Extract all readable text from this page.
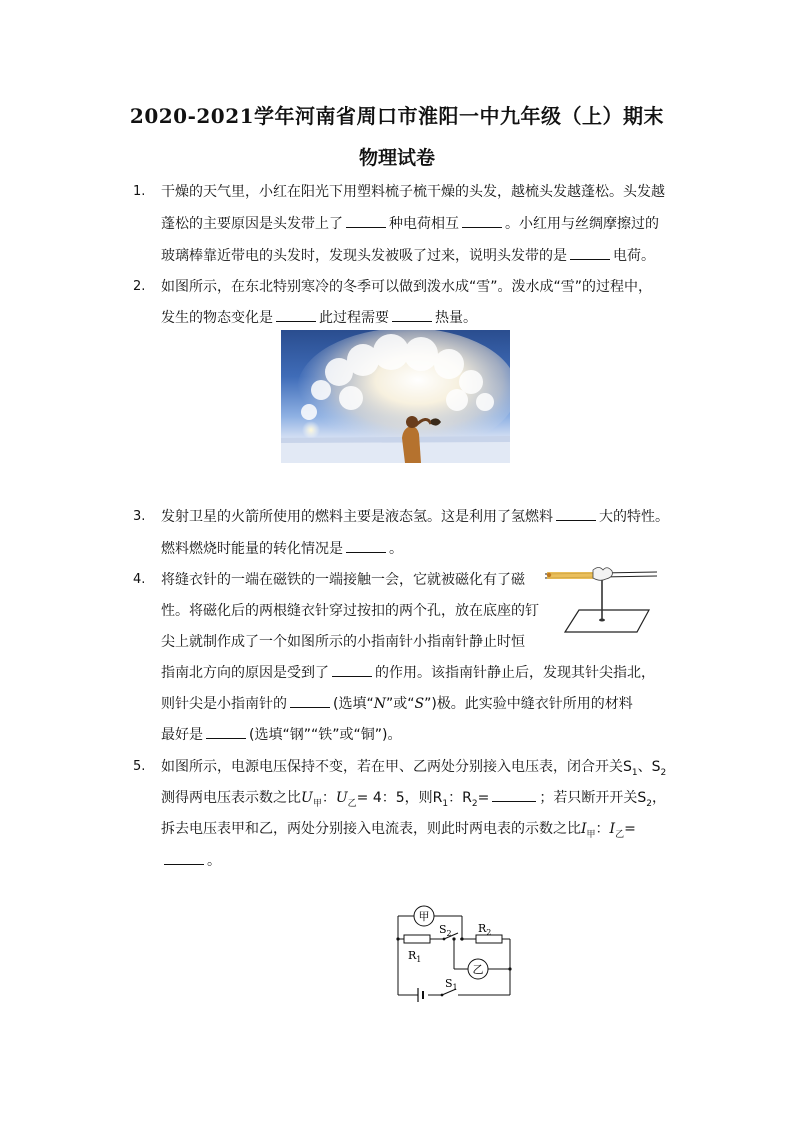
2020-2021学年河南省周口市淮阳一中九年级（上）期末
物理试卷
1. 干燥的天气里，小红在阳光下用塑料梳子梳干燥的头发，越梳头发越蓬松。头发越
蓬松的主要原因是头发带上了	种电荷相互	。小红用与丝绸摩擦过的
玻璃棒靠近带电的头发时，发现头发被吸了过来，说明头发带的是	电荷。
2. 如图所示，在东北特别寒冷的冬季可以做到泼水成“雪”。泼水成“雪”的过程中，
发生的物态变化是	此过程需要	热量。
3. 发射卫星的火箭所使用的燃料主要是液态氢。这是利用了氢燃料	大的特性。
燃料燃烧时能量的转化情况是	。
4. 将缝衣针的一端在磁铁的一端接触一会，它就被磁化有了磁
性。将磁化后的两根缝衣针穿过按扣的两个孔，放在底座的钉
尖上就制作成了一个如图所示的小指南针小指南针静止时恒
指南北方向的原因是受到了	的作用。该指南针静止后，发现其针尖指北，
则针尖是小指南针的	(选填“N”或“S”)极。此实验中缝衣针所用的材料
最好是	(选填“钢”“铁”或“铜”)。
5. 如图所示，电源电压保持不变，若在甲、乙两处分别接入电压表，闭合开关$S_1$、$S_2$
测得两电压表示数之比$U_甲$：$U_乙= 4$：5，则$R_1$：$R_2=$	；若只断开开关$S_2$，
拆去电压表甲和乙，两处分别接入电流表，则此时两电表的示数之比$I_甲$：$I_乙=$
。
甲
乙
$R_1$
$R_2$
$S_2$
$S_1$
